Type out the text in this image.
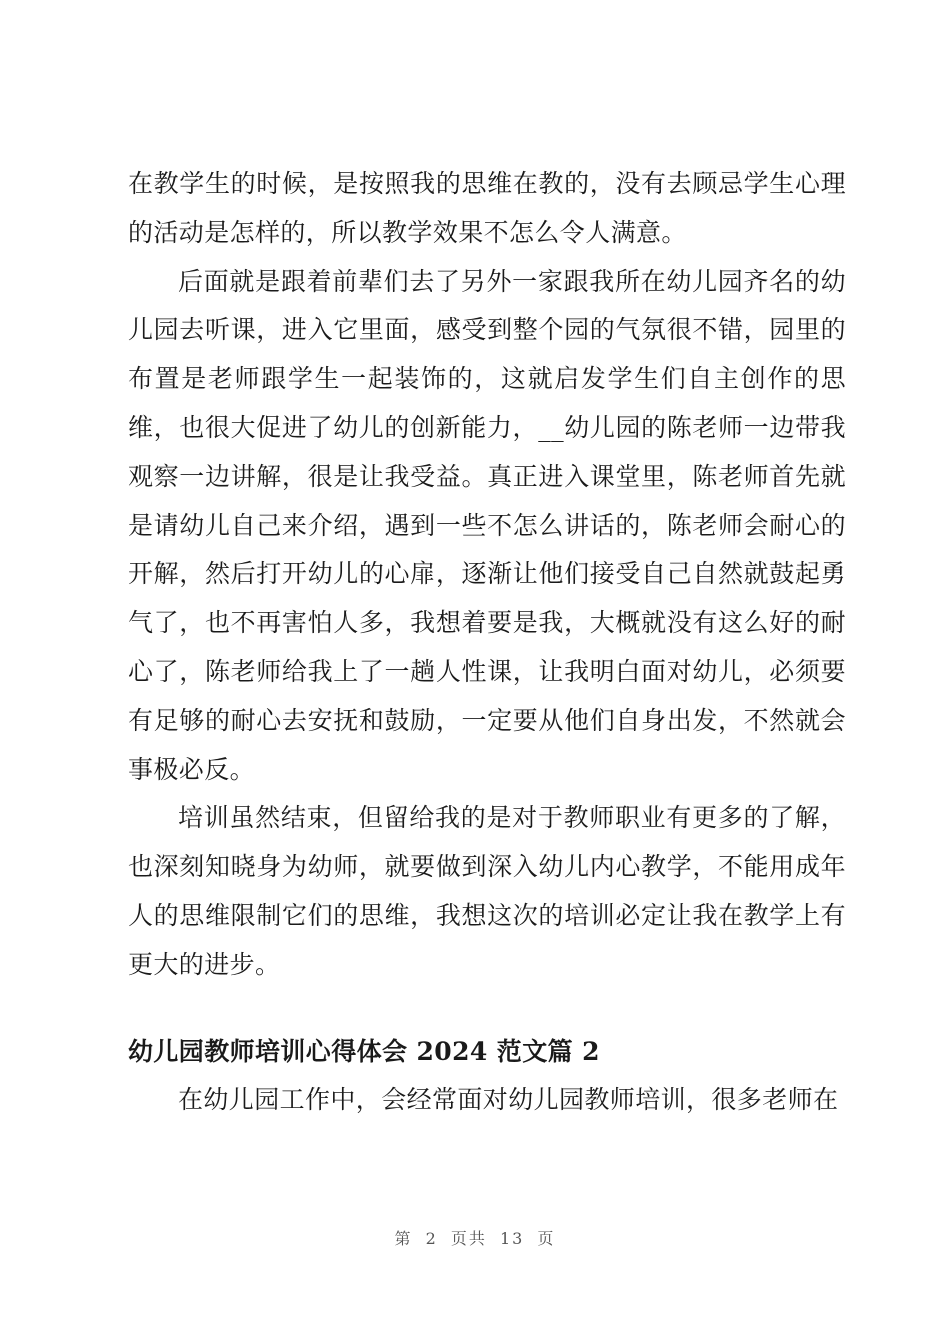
在教学生的时候，是按照我的思维在教的，没有去顾忌学生心理的活动是怎样的，所以教学效果不怎么令人满意。

后面就是跟着前辈们去了另外一家跟我所在幼儿园齐名的幼儿园去听课，进入它里面，感受到整个园的气氛很不错，园里的布置是老师跟学生一起装饰的，这就启发学生们自主创作的思维，也很大促进了幼儿的创新能力，__幼儿园的陈老师一边带我观察一边讲解，很是让我受益。真正进入课堂里，陈老师首先就是请幼儿自己来介绍，遇到一些不怎么讲话的，陈老师会耐心的开解，然后打开幼儿的心扉，逐渐让他们接受自己自然就鼓起勇气了，也不再害怕人多，我想着要是我，大概就没有这么好的耐心了，陈老师给我上了一趟人性课，让我明白面对幼儿，必须要有足够的耐心去安抚和鼓励，一定要从他们自身出发，不然就会事极必反。

培训虽然结束，但留给我的是对于教师职业有更多的了解，也深刻知晓身为幼师，就要做到深入幼儿内心教学，不能用成年人的思维限制它们的思维，我想这次的培训必定让我在教学上有更大的进步。

幼儿园教师培训心得体会 2024 范文篇 2

在幼儿园工作中，会经常面对幼儿园教师培训，很多老师在

第 2 页共 13 页
